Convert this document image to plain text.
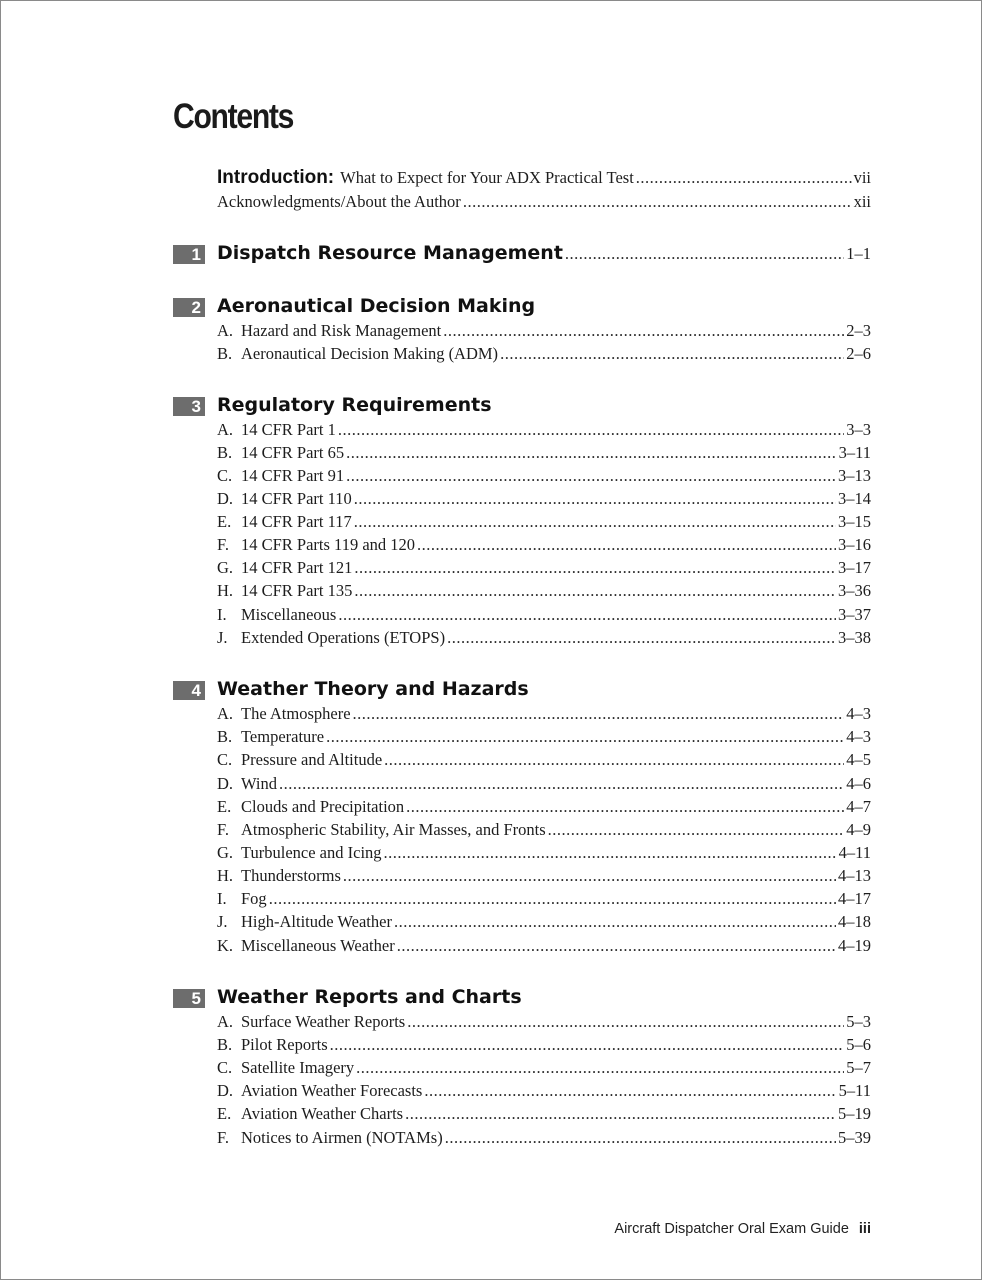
Contents
Introduction: What to Expect for Your ADX Practical Test .....	vii
Acknowledgments/About the Author .....	xii
1 Dispatch Resource Management .....	1–1
2 Aeronautical Decision Making
A. Hazard and Risk Management .....	2–3
B. Aeronautical Decision Making (ADM) .....	2–6
3 Regulatory Requirements
A. 14 CFR Part 1 .....	3–3
B. 14 CFR Part 65 .....	3–11
C. 14 CFR Part 91 .....	3–13
D. 14 CFR Part 110 .....	3–14
E. 14 CFR Part 117 .....	3–15
F. 14 CFR Parts 119 and 120 .....	3–16
G. 14 CFR Part 121 .....	3–17
H. 14 CFR Part 135 .....	3–36
I. Miscellaneous .....	3–37
J. Extended Operations (ETOPS) .....	3–38
4 Weather Theory and Hazards
A. The Atmosphere .....	4–3
B. Temperature .....	4–3
C. Pressure and Altitude .....	4–5
D. Wind .....	4–6
E. Clouds and Precipitation .....	4–7
F. Atmospheric Stability, Air Masses, and Fronts .....	4–9
G. Turbulence and Icing .....	4–11
H. Thunderstorms .....	4–13
I. Fog .....	4–17
J. High-Altitude Weather .....	4–18
K. Miscellaneous Weather .....	4–19
5 Weather Reports and Charts
A. Surface Weather Reports .....	5–3
B. Pilot Reports .....	5–6
C. Satellite Imagery .....	5–7
D. Aviation Weather Forecasts .....	5–11
E. Aviation Weather Charts .....	5–19
F. Notices to Airmen (NOTAMs) .....	5–39
Aircraft Dispatcher Oral Exam Guide iii
